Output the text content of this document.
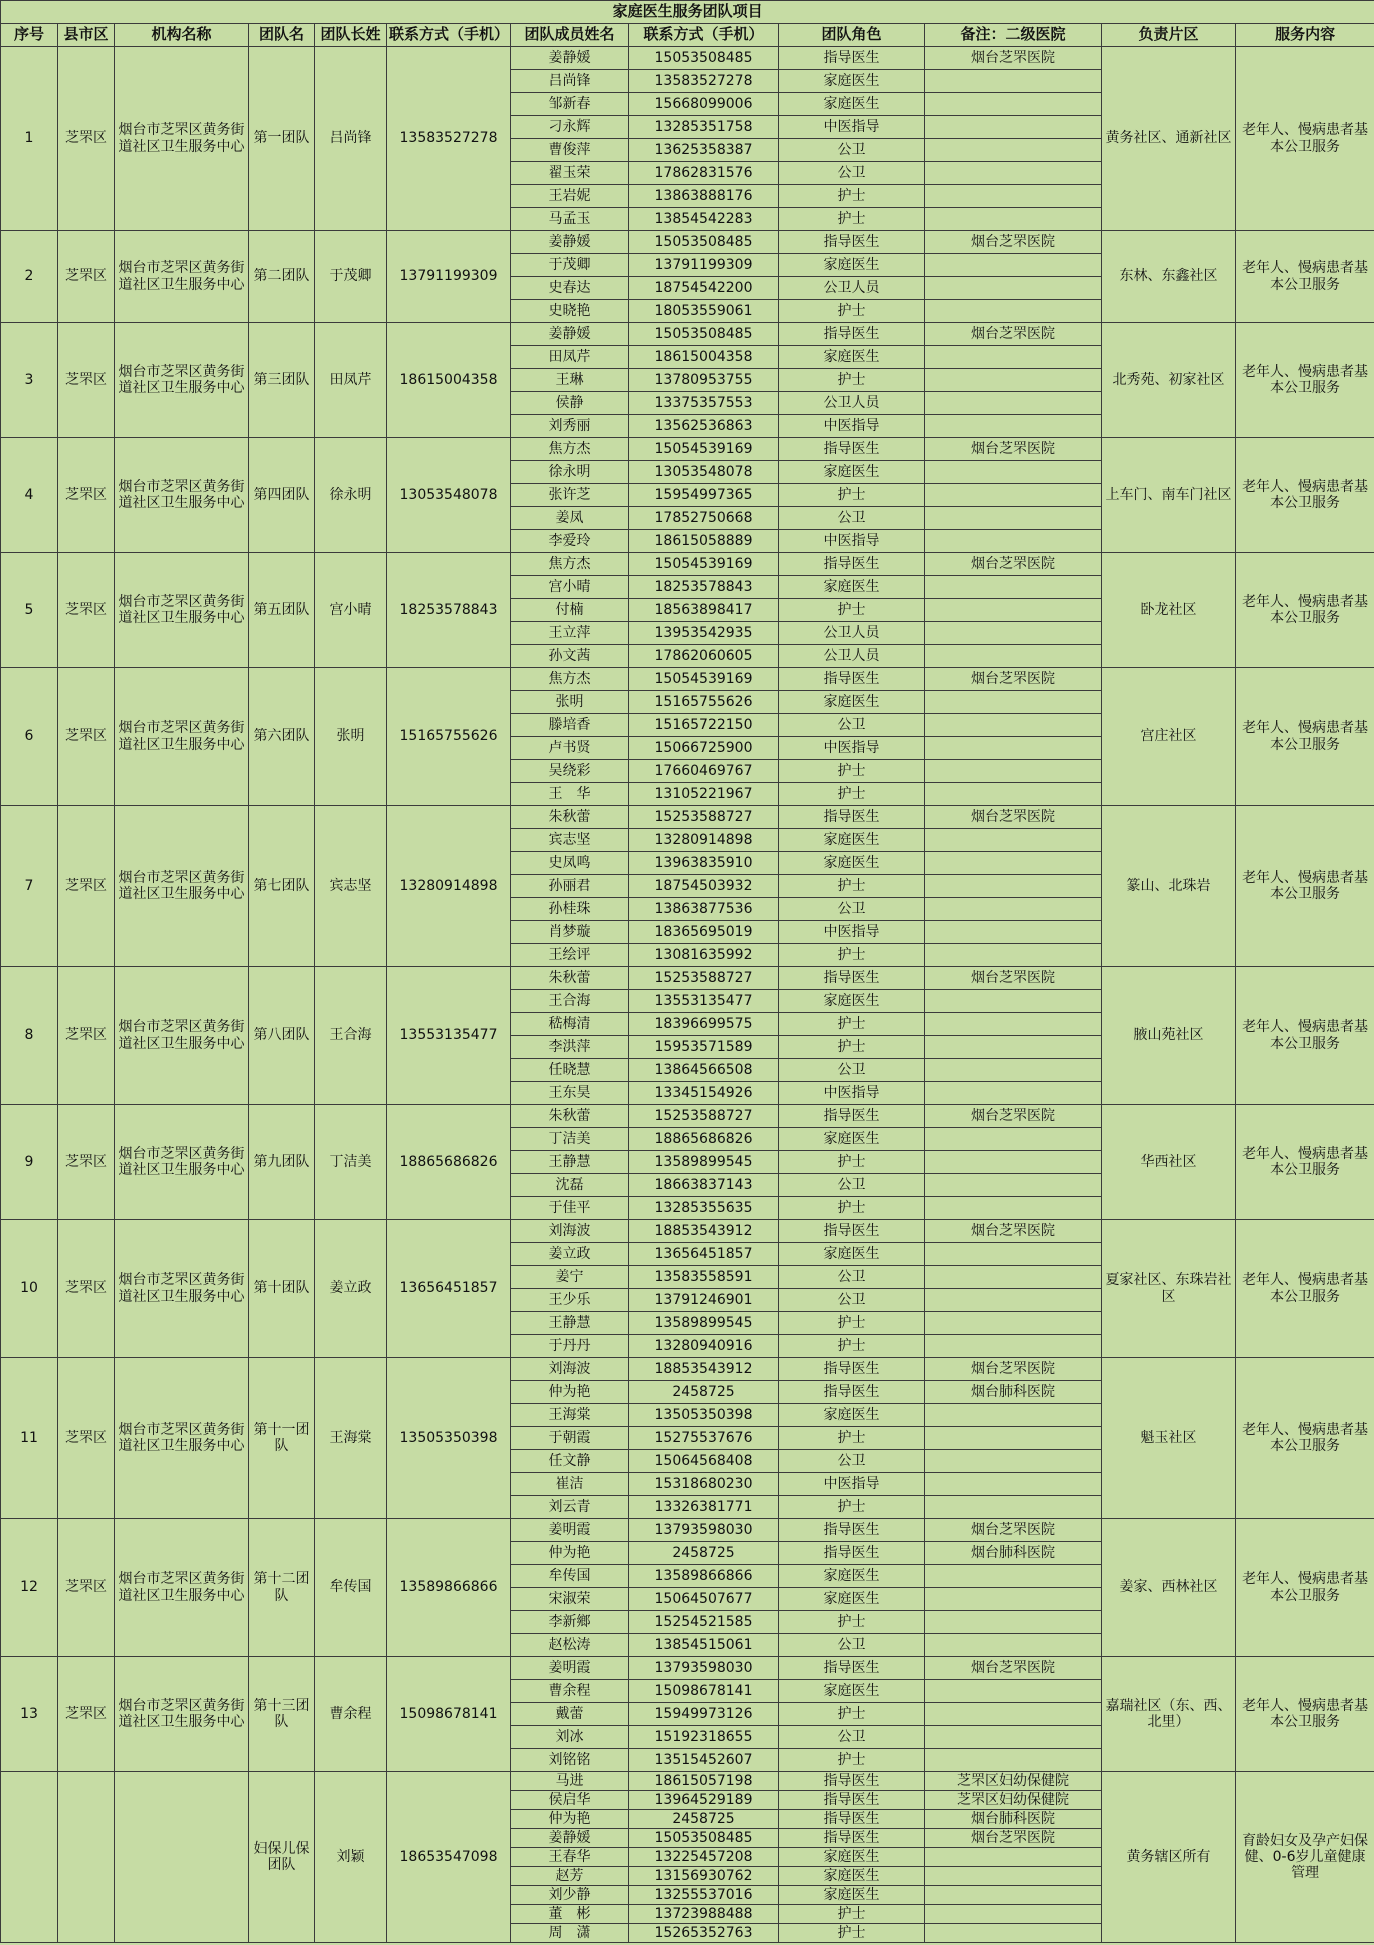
家庭医生服务团队项目											
序号	县市区	机构名称	团队名	团队长姓	联系方式（手机）	团队成员姓名	联系方式（手机）	团队角色	备注：二级医院	负责片区	服务内容
1	芝罘区	烟台市芝罘区黄务街道社区卫生服务中心	第一团队	吕尚锋	13583527278	姜静媛	15053508485	指导医生	烟台芝罘医院	黄务社区、通新社区	老年人、慢病患者基本公卫服务
						吕尚锋	13583527278	家庭医生			
						邹新春	15668099006	家庭医生			
						刁永辉	13285351758	中医指导			
						曹俊萍	13625358387	公卫			
						翟玉荣	17862831576	公卫			
						王岩妮	13863888176	护士			
						马孟玉	13854542283	护士			
2	芝罘区	烟台市芝罘区黄务街道社区卫生服务中心	第二团队	于茂卿	13791199309	姜静媛	15053508485	指导医生	烟台芝罘医院	东林、东鑫社区	老年人、慢病患者基本公卫服务
						于茂卿	13791199309	家庭医生			
						史春达	18754542200	公卫人员			
						史晓艳	18053559061	护士			
3	芝罘区	烟台市芝罘区黄务街道社区卫生服务中心	第三团队	田凤芹	18615004358	姜静媛	15053508485	指导医生	烟台芝罘医院	北秀苑、初家社区	老年人、慢病患者基本公卫服务
						田凤芹	18615004358	家庭医生			
						王琳	13780953755	护士			
						侯静	13375357553	公卫人员			
						刘秀丽	13562536863	中医指导			
4	芝罘区	烟台市芝罘区黄务街道社区卫生服务中心	第四团队	徐永明	13053548078	焦方杰	15054539169	指导医生	烟台芝罘医院	上车门、南车门社区	老年人、慢病患者基本公卫服务
						徐永明	13053548078	家庭医生			
						张许芝	15954997365	护士			
						姜凤	17852750668	公卫			
						李爱玲	18615058889	中医指导			
5	芝罘区	烟台市芝罘区黄务街道社区卫生服务中心	第五团队	宫小晴	18253578843	焦方杰	15054539169	指导医生	烟台芝罘医院	卧龙社区	老年人、慢病患者基本公卫服务
						宫小晴	18253578843	家庭医生			
						付楠	18563898417	护士			
						王立萍	13953542935	公卫人员			
						孙文茜	17862060605	公卫人员			
6	芝罘区	烟台市芝罘区黄务街道社区卫生服务中心	第六团队	张明	15165755626	焦方杰	15054539169	指导医生	烟台芝罘医院	宫庄社区	老年人、慢病患者基本公卫服务
						张明	15165755626	家庭医生			
						滕培香	15165722150	公卫			
						卢书贤	15066725900	中医指导			
						吴绕彩	17660469767	护士			
						王　华	13105221967	护士			
7	芝罘区	烟台市芝罘区黄务街道社区卫生服务中心	第七团队	宾志坚	13280914898	朱秋蕾	15253588727	指导医生	烟台芝罘医院	篆山、北珠岩	老年人、慢病患者基本公卫服务
						宾志坚	13280914898	家庭医生			
						史凤鸣	13963835910	家庭医生			
						孙丽君	18754503932	护士			
						孙桂珠	13863877536	公卫			
						肖梦璇	18365695019	中医指导			
						王绘评	13081635992	护士			
8	芝罘区	烟台市芝罘区黄务街道社区卫生服务中心	第八团队	王合海	13553135477	朱秋蕾	15253588727	指导医生	烟台芝罘医院	腋山苑社区	老年人、慢病患者基本公卫服务
						王合海	13553135477	家庭医生			
						嵇梅清	18396699575	护士			
						李洪萍	15953571589	护士			
						任晓慧	13864566508	公卫			
						王东昊	13345154926	中医指导			
9	芝罘区	烟台市芝罘区黄务街道社区卫生服务中心	第九团队	丁洁美	18865686826	朱秋蕾	15253588727	指导医生	烟台芝罘医院	华西社区	老年人、慢病患者基本公卫服务
						丁洁美	18865686826	家庭医生			
						王静慧	13589899545	护士			
						沈磊	18663837143	公卫			
						于佳平	13285355635	护士			
10	芝罘区	烟台市芝罘区黄务街道社区卫生服务中心	第十团队	姜立政	13656451857	刘海波	18853543912	指导医生	烟台芝罘医院	夏家社区、东珠岩社区	老年人、慢病患者基本公卫服务
						姜立政	13656451857	家庭医生			
						姜宁	13583558591	公卫			
						王少乐	13791246901	公卫			
						王静慧	13589899545	护士			
						于丹丹	13280940916	护士			
11	芝罘区	烟台市芝罘区黄务街道社区卫生服务中心	第十一团队	王海棠	13505350398	刘海波	18853543912	指导医生	烟台芝罘医院	魁玉社区	老年人、慢病患者基本公卫服务
						仲为艳	2458725	指导医生	烟台肺科医院		
						王海棠	13505350398	家庭医生			
						于朝霞	15275537676	护士			
						任文静	15064568408	公卫			
						崔洁	15318680230	中医指导			
						刘云青	13326381771	护士			
12	芝罘区	烟台市芝罘区黄务街道社区卫生服务中心	第十二团队	牟传国	13589866866	姜明霞	13793598030	指导医生	烟台芝罘医院	姜家、西林社区	老年人、慢病患者基本公卫服务
						仲为艳	2458725	指导医生	烟台肺科医院		
						牟传国	13589866866	家庭医生			
						宋淑荣	15064507677	家庭医生			
						李新鄉	15254521585	护士			
						赵松涛	13854515061	公卫			
13	芝罘区	烟台市芝罘区黄务街道社区卫生服务中心	第十三团队	曹余程	15098678141	姜明霞	13793598030	指导医生	烟台芝罘医院	嘉瑞社区（东、西、北里）	老年人、慢病患者基本公卫服务
						曹余程	15098678141	家庭医生			
						戴蕾	15949973126	护士			
						刘冰	15192318655	公卫			
						刘铭铭	13515452607	护士			
			妇保儿保团队	刘颖	18653547098	马进	18615057198	指导医生	芝罘区妇幼保健院	黄务辖区所有	育龄妇女及孕产妇保健、0-6岁儿童健康管理
						侯启华	13964529189	指导医生	芝罘区妇幼保健院		
						仲为艳	2458725	指导医生	烟台肺科医院		
						姜静媛	15053508485	指导医生	烟台芝罘医院		
						王春华	13225457208	家庭医生			
						赵芳	13156930762	家庭医生			
						刘少静	13255537016	家庭医生			
						董　彬	13723988488	护士			
						周　潇	15265352763	护士			
